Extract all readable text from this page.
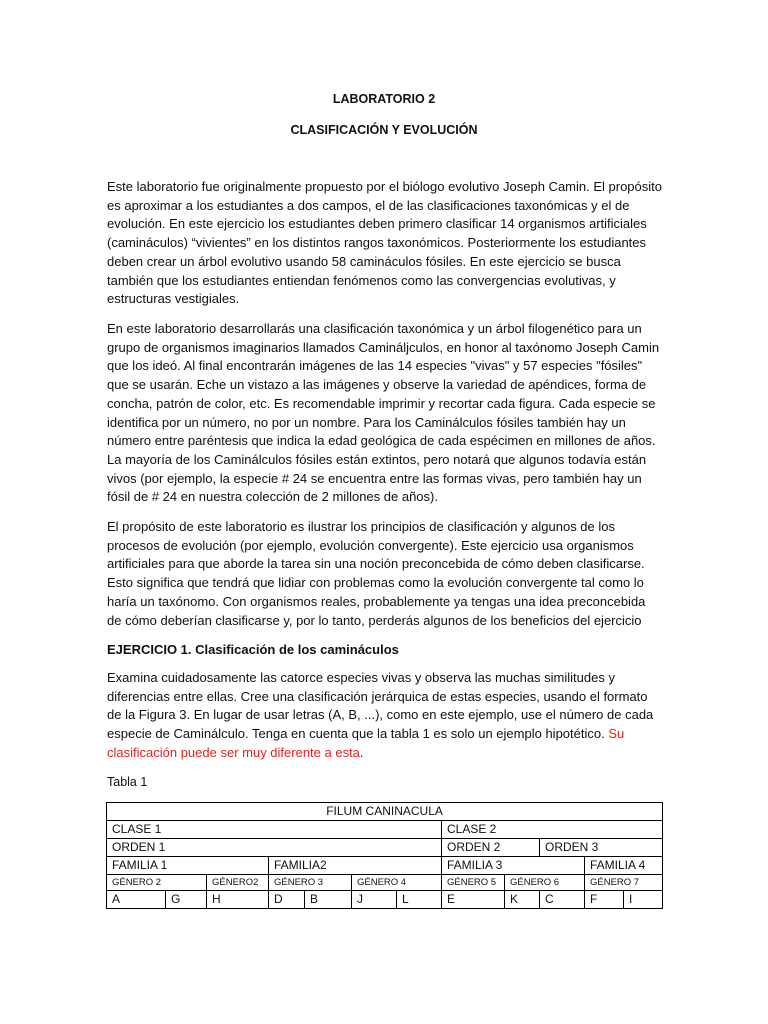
LABORATORIO 2
CLASIFICACIÓN Y EVOLUCIÓN

Este laboratorio fue originalmente propuesto por el biólogo evolutivo Joseph Camin. El propósito es aproximar a los estudiantes a dos campos, el de las clasificaciones taxonómicas y el de evolución. En este ejercicio los estudiantes deben primero clasificar 14 organismos artificiales (camináculos) “vivientes” en los distintos rangos taxonómicos. Posteriormente los estudiantes deben crear un árbol evolutivo usando 58 camináculos fósiles. En este ejercicio se busca también que los estudiantes entiendan fenómenos como las convergencias evolutivas, y estructuras vestigiales.

En este laboratorio desarrollarás una clasificación taxonómica y un árbol filogenético para un grupo de organismos imaginarios llamados Camináljculos, en honor al taxónomo Joseph Camin que los ideó. Al final encontrarán imágenes de las 14 especies "vivas" y 57 especies "fósiles" que se usarán. Eche un vistazo a las imágenes y observe la variedad de apéndices, forma de concha, patrón de color, etc. Es recomendable imprimir y recortar cada figura. Cada especie se identifica por un número, no por un nombre. Para los Caminálculos fósiles también hay un número entre paréntesis que indica la edad geológica de cada espécimen en millones de años. La mayoría de los Caminálculos fósiles están extintos, pero notará que algunos todavía están vivos (por ejemplo, la especie # 24 se encuentra entre las formas vivas, pero también hay un fósil de # 24 en nuestra colección de 2 millones de años).

El propósito de este laboratorio es ilustrar los principios de clasificación y algunos de los procesos de evolución (por ejemplo, evolución convergente). Este ejercicio usa organismos artificiales para que aborde la tarea sin una noción preconcebida de cómo deben clasificarse. Esto significa que tendrá que lidiar con problemas como la evolución convergente tal como lo haría un taxónomo. Con organismos reales, probablemente ya tengas una idea preconcebida de cómo deberían clasificarse y, por lo tanto, perderás algunos de los beneficios del ejercicio

EJERCICIO 1. Clasificación de los camináculos

Examina cuidadosamente las catorce especies vivas y observa las muchas similitudes y diferencias entre ellas. Cree una clasificación jerárquica de estas especies, usando el formato de la Figura 3. En lugar de usar letras (A, B, ...), como en este ejemplo, use el número de cada especie de Caminálculo. Tenga en cuenta que la tabla 1 es solo un ejemplo hipotético. Su clasificación puede ser muy diferente a esta.

Tabla 1
FILUM CANINACULA											
CLASE 1							CLASE 2				
ORDEN 1							ORDEN 2		ORDEN 3		
FAMILIA 1			FAMILIA2				FAMILIA 3			FAMILIA 4	
GÉNERO 2		GÉNERO2	GÉNERO 3		GÉNERO 4		GÉNERO 5	GÉNERO 6		GÉNERO 7	
A	G	H	D	B	J	L	E	K	C	F	I
